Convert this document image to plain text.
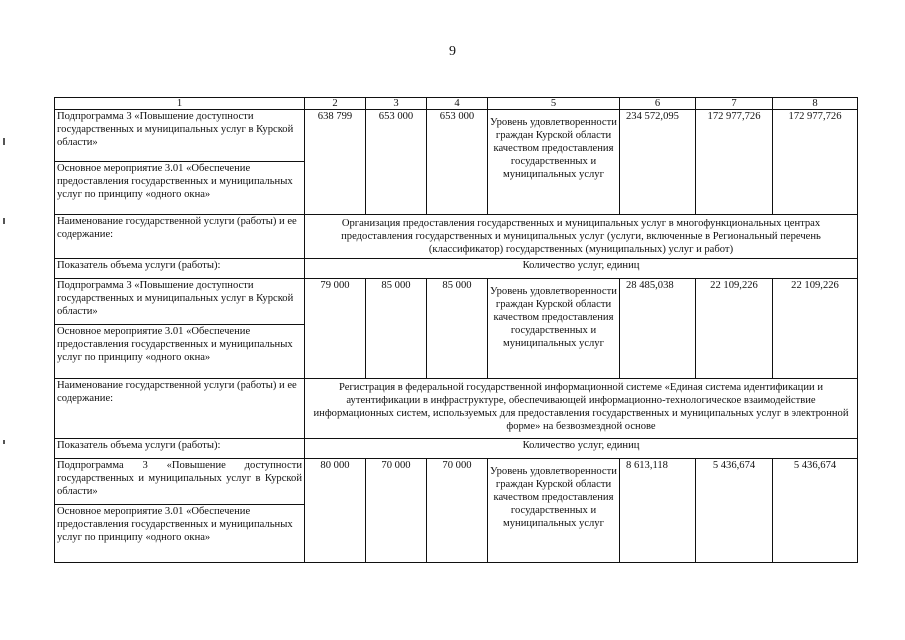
9
1	2	3	4	5	6	7	8
Подпрограмма 3 «Повышение доступности государственных и муниципальных услуг в Курской области»	638 799	653 000	653 000	Уровень удовлетворенности граждан Курской области качеством предоставления государственных и муниципальных услуг	234 572,095	172 977,726	172 977,726
Основное мероприятие 3.01 «Обеспечение предоставления государственных и муниципальных услуг по принципу «одного окна»							
Наименование государственной услуги (работы) и ее содержание:	Организация предоставления государственных и муниципальных услуг в многофункциональных центрах предоставления государственных и муниципальных услуг (услуги, включенные в Региональный перечень (классификатор) государственных (муниципальных) услуг и работ)						
Показатель объема услуги (работы):	Количество услуг, единиц						
Подпрограмма 3 «Повышение доступности государственных и муниципальных услуг в Курской области»	79 000	85 000	85 000	Уровень удовлетворенности граждан Курской области качеством предоставления государственных и муниципальных услуг	28 485,038	22 109,226	22 109,226
Основное мероприятие 3.01 «Обеспечение предоставления государственных и муниципальных услуг по принципу «одного окна»							
Наименование государственной услуги (работы) и ее содержание:	Регистрация в федеральной государственной информационной системе «Единая система идентификации и аутентификации в инфраструктуре, обеспечивающей информационно-технологическое взаимодействие информационных систем, используемых для предоставления государственных и муниципальных услуг в электронной форме» на безвозмездной основе						
Показатель объема услуги (работы):	Количество услуг, единиц						
Подпрограмма 3 «Повышение доступности государственных и муниципальных услуг в Курской области»	80 000	70 000	70 000	Уровень удовлетворенности граждан Курской области качеством предоставления государственных и муниципальных услуг	8 613,118	5 436,674	5 436,674
Основное мероприятие 3.01 «Обеспечение предоставления государственных и муниципальных услуг по принципу «одного окна»							
